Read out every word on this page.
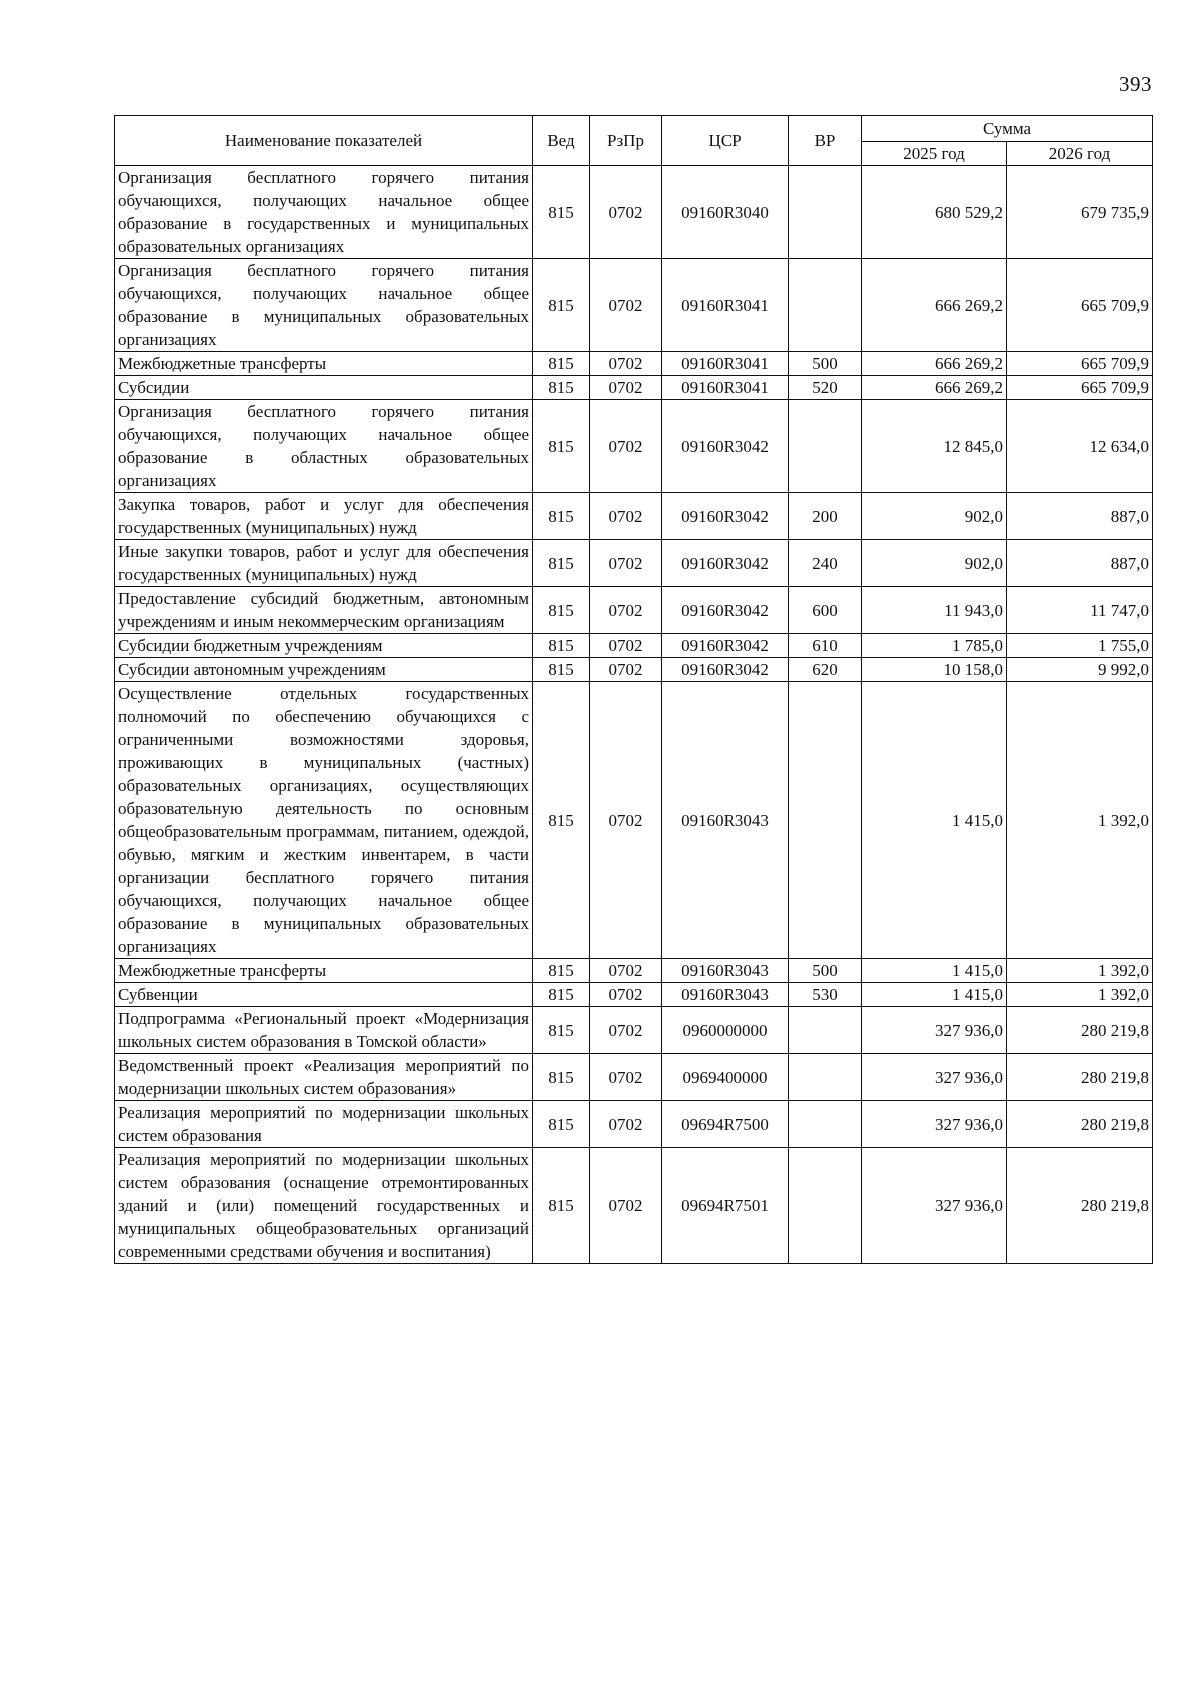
393
Наименование показателей	Вед	РзПр	ЦСР	ВР	Сумма	
					2025 год	2026 год
Организация бесплатного горячего питания обучающихся, получающих начальное общее образование в государственных и муниципальных образовательных организациях	815	0702	09160R3040		680 529,2	679 735,9
Организация бесплатного горячего питания обучающихся, получающих начальное общее образование в муниципальных образовательных организациях	815	0702	09160R3041		666 269,2	665 709,9
Межбюджетные трансферты	815	0702	09160R3041	500	666 269,2	665 709,9
Субсидии	815	0702	09160R3041	520	666 269,2	665 709,9
Организация бесплатного горячего питания обучающихся, получающих начальное общее образование в областных образовательных организациях	815	0702	09160R3042		12 845,0	12 634,0
Закупка товаров, работ и услуг для обеспечения государственных (муниципальных) нужд	815	0702	09160R3042	200	902,0	887,0
Иные закупки товаров, работ и услуг для обеспечения государственных (муниципальных) нужд	815	0702	09160R3042	240	902,0	887,0
Предоставление субсидий бюджетным, автономным учреждениям и иным некоммерческим организациям	815	0702	09160R3042	600	11 943,0	11 747,0
Субсидии бюджетным учреждениям	815	0702	09160R3042	610	1 785,0	1 755,0
Субсидии автономным учреждениям	815	0702	09160R3042	620	10 158,0	9 992,0
Осуществление отдельных государственных полномочий по обеспечению обучающихся с ограниченными возможностями здоровья, проживающих в муниципальных (частных) образовательных организациях, осуществляющих образовательную деятельность по основным общеобразовательным программам, питанием, одеждой, обувью, мягким и жестким инвентарем, в части организации бесплатного горячего питания обучающихся, получающих начальное общее образование в муниципальных образовательных организациях	815	0702	09160R3043		1 415,0	1 392,0
Межбюджетные трансферты	815	0702	09160R3043	500	1 415,0	1 392,0
Субвенции	815	0702	09160R3043	530	1 415,0	1 392,0
Подпрограмма «Региональный проект «Модернизация школьных систем образования в Томской области»	815	0702	0960000000		327 936,0	280 219,8
Ведомственный проект «Реализация мероприятий по модернизации школьных систем образования»	815	0702	0969400000		327 936,0	280 219,8
Реализация мероприятий по модернизации школьных систем образования	815	0702	09694R7500		327 936,0	280 219,8
Реализация мероприятий по модернизации школьных систем образования (оснащение отремонтированных зданий и (или) помещений государственных и муниципальных общеобразовательных организаций современными средствами обучения и воспитания)	815	0702	09694R7501		327 936,0	280 219,8
